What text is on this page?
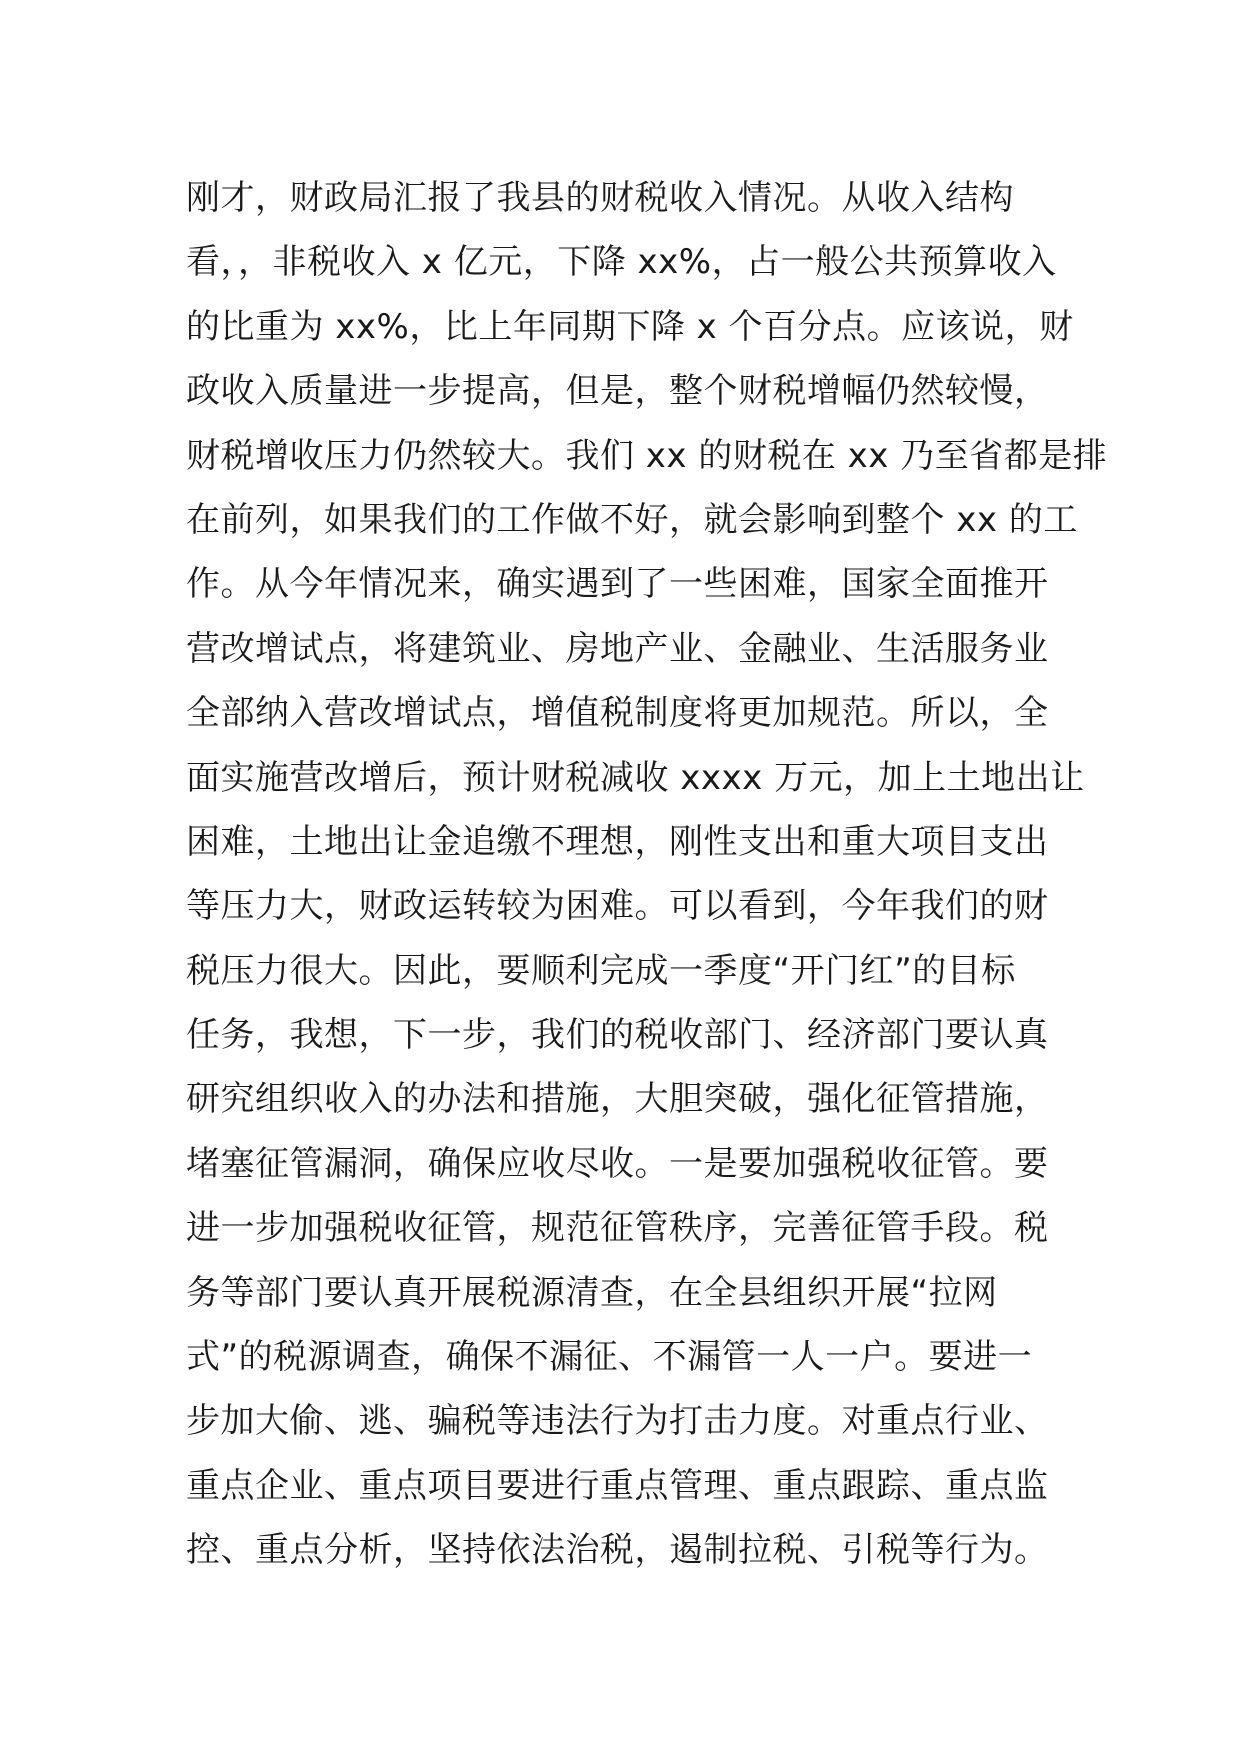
刚才，财政局汇报了我县的财税收入情况。从收入结构
看，，非税收入 x 亿元，下降 xx%，占一般公共预算收入
的比重为 xx%，比上年同期下降 x 个百分点。应该说，财
政收入质量进一步提高，但是，整个财税增幅仍然较慢，
财税增收压力仍然较大。我们 xx 的财税在 xx 乃至省都是排
在前列，如果我们的工作做不好，就会影响到整个 xx 的工
作。从今年情况来，确实遇到了一些困难，国家全面推开
营改增试点，将建筑业、房地产业、金融业、生活服务业
全部纳入营改增试点，增值税制度将更加规范。所以，全
面实施营改增后，预计财税减收 xxxx 万元，加上土地出让
困难，土地出让金追缴不理想，刚性支出和重大项目支出
等压力大，财政运转较为困难。可以看到，今年我们的财
税压力很大。因此，要顺利完成一季度“开门红”的目标
任务，我想，下一步，我们的税收部门、经济部门要认真
研究组织收入的办法和措施，大胆突破，强化征管措施，
堵塞征管漏洞，确保应收尽收。一是要加强税收征管。要
进一步加强税收征管，规范征管秩序，完善征管手段。税
务等部门要认真开展税源清查，在全县组织开展“拉网
式”的税源调查，确保不漏征、不漏管一人一户。要进一
步加大偷、逃、骗税等违法行为打击力度。对重点行业、
重点企业、重点项目要进行重点管理、重点跟踪、重点监
控、重点分析，坚持依法治税，遏制拉税、引税等行为。
